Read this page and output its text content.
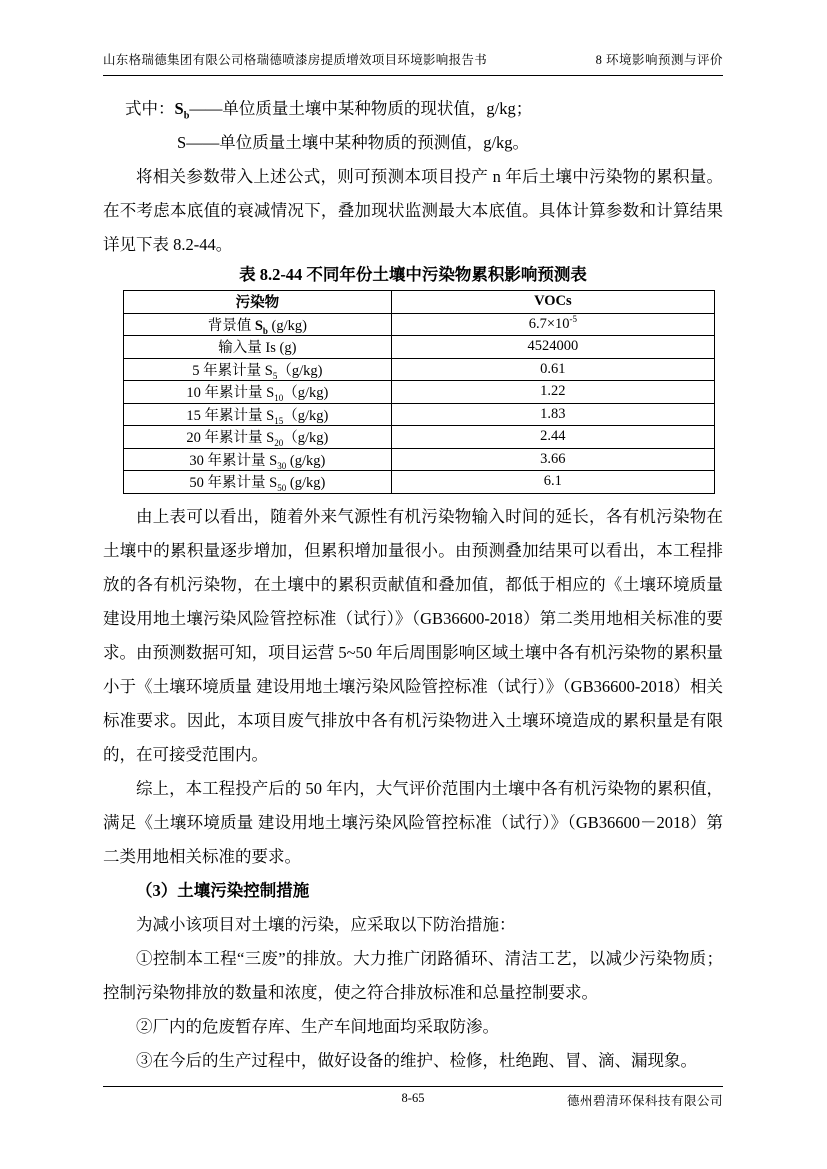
山东格瑞德集团有限公司格瑞德喷漆房提质增效项目环境影响报告书	8 环境影响预测与评价
式中：$S_b——$单位质量土壤中某种物质的现状值，g/kg；
S——单位质量土壤中某种物质的预测值，g/kg。

将相关参数带入上述公式，则可预测本项目投产 n 年后土壤中污染物的累积量。在不考虑本底值的衰减情况下，叠加现状监测最大本底值。具体计算参数和计算结果详见下表 8.2-44。

表 8.2-44 不同年份土壤中污染物累积影响预测表
污染物	VOCs
背景值 $S_b$ (g/kg)	$6.7\times 10^{-5}$
输入量 Is (g)	4524000
5 年累计量 $S_5(g/kg)$	0.61
10 年累计量 $S_{10}(g/kg)$	1.22
15 年累计量 $S_{15}(g/kg)$	1.83
20 年累计量 $S_{20}(g/kg)$	2.44
30 年累计量 $S_{30}$ (g/kg)	3.66
50 年累计量 $S_{50}$ (g/kg)	6.1

由上表可以看出，随着外来气源性有机污染物输入时间的延长，各有机污染物在土壤中的累积量逐步增加，但累积增加量很小。由预测叠加结果可以看出，本工程排放的各有机污染物，在土壤中的累积贡献值和叠加值，都低于相应的《土壤环境质量 建设用地土壤污染风险管控标准（试行）》（GB36600-2018）第二类用地相关标准的要求。由预测数据可知，项目运营 5~50 年后周围影响区域土壤中各有机污染物的累积量小于《土壤环境质量 建设用地土壤污染风险管控标准（试行）》（GB36600-2018）相关标准要求。因此，本项目废气排放中各有机污染物进入土壤环境造成的累积量是有限的，在可接受范围内。

综上，本工程投产后的 50 年内，大气评价范围内土壤中各有机污染物的累积值，满足《土壤环境质量 建设用地土壤污染风险管控标准（试行）》（GB36600－2018）第二类用地相关标准的要求。

（3）土壤污染控制措施

为减小该项目对土壤的污染，应采取以下防治措施：

①控制本工程“三废”的排放。大力推广闭路循环、清洁工艺，以减少污染物质；控制污染物排放的数量和浓度，使之符合排放标准和总量控制要求。

②厂内的危废暂存库、生产车间地面均采取防渗。

③在今后的生产过程中，做好设备的维护、检修，杜绝跑、冒、滴、漏现象。

8-65	德州碧清环保科技有限公司
